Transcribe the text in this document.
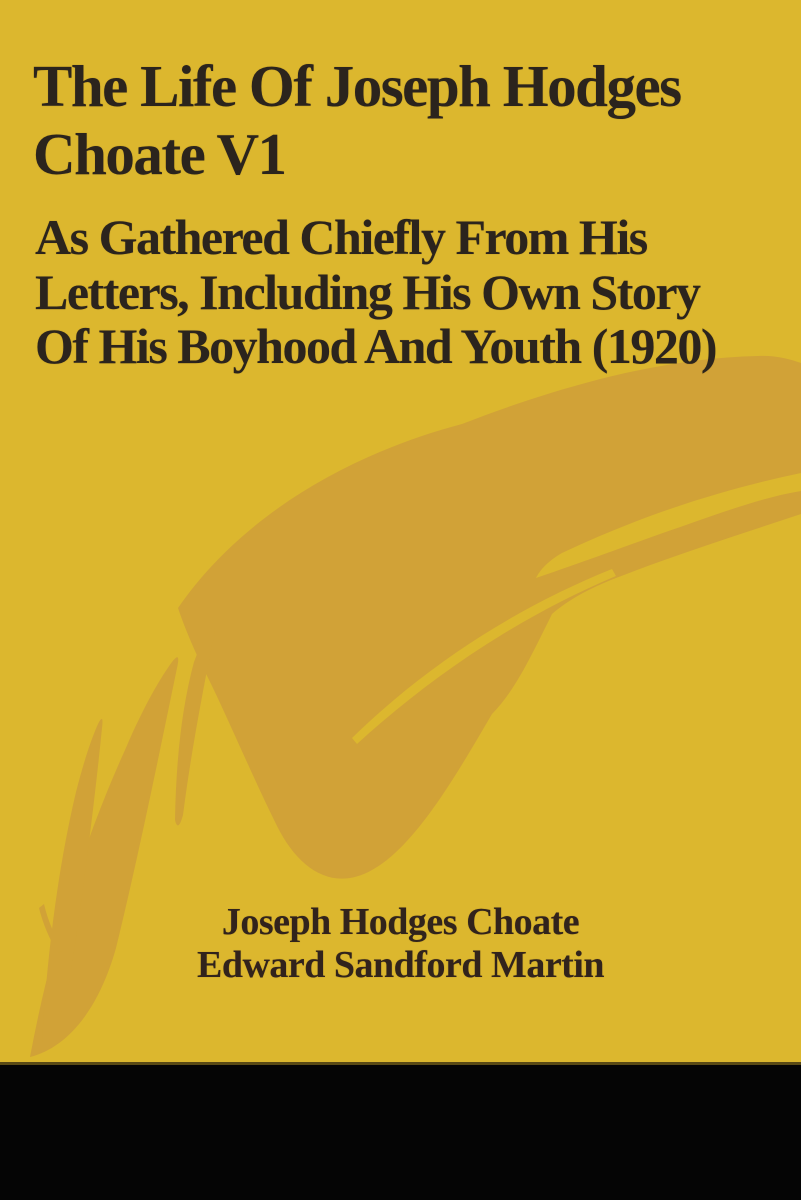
The Life Of Joseph Hodges
Choate V1
As Gathered Chiefly From His
Letters, Including His Own Story
Of His Boyhood And Youth (1920)
Joseph Hodges Choate
Edward Sandford Martin
